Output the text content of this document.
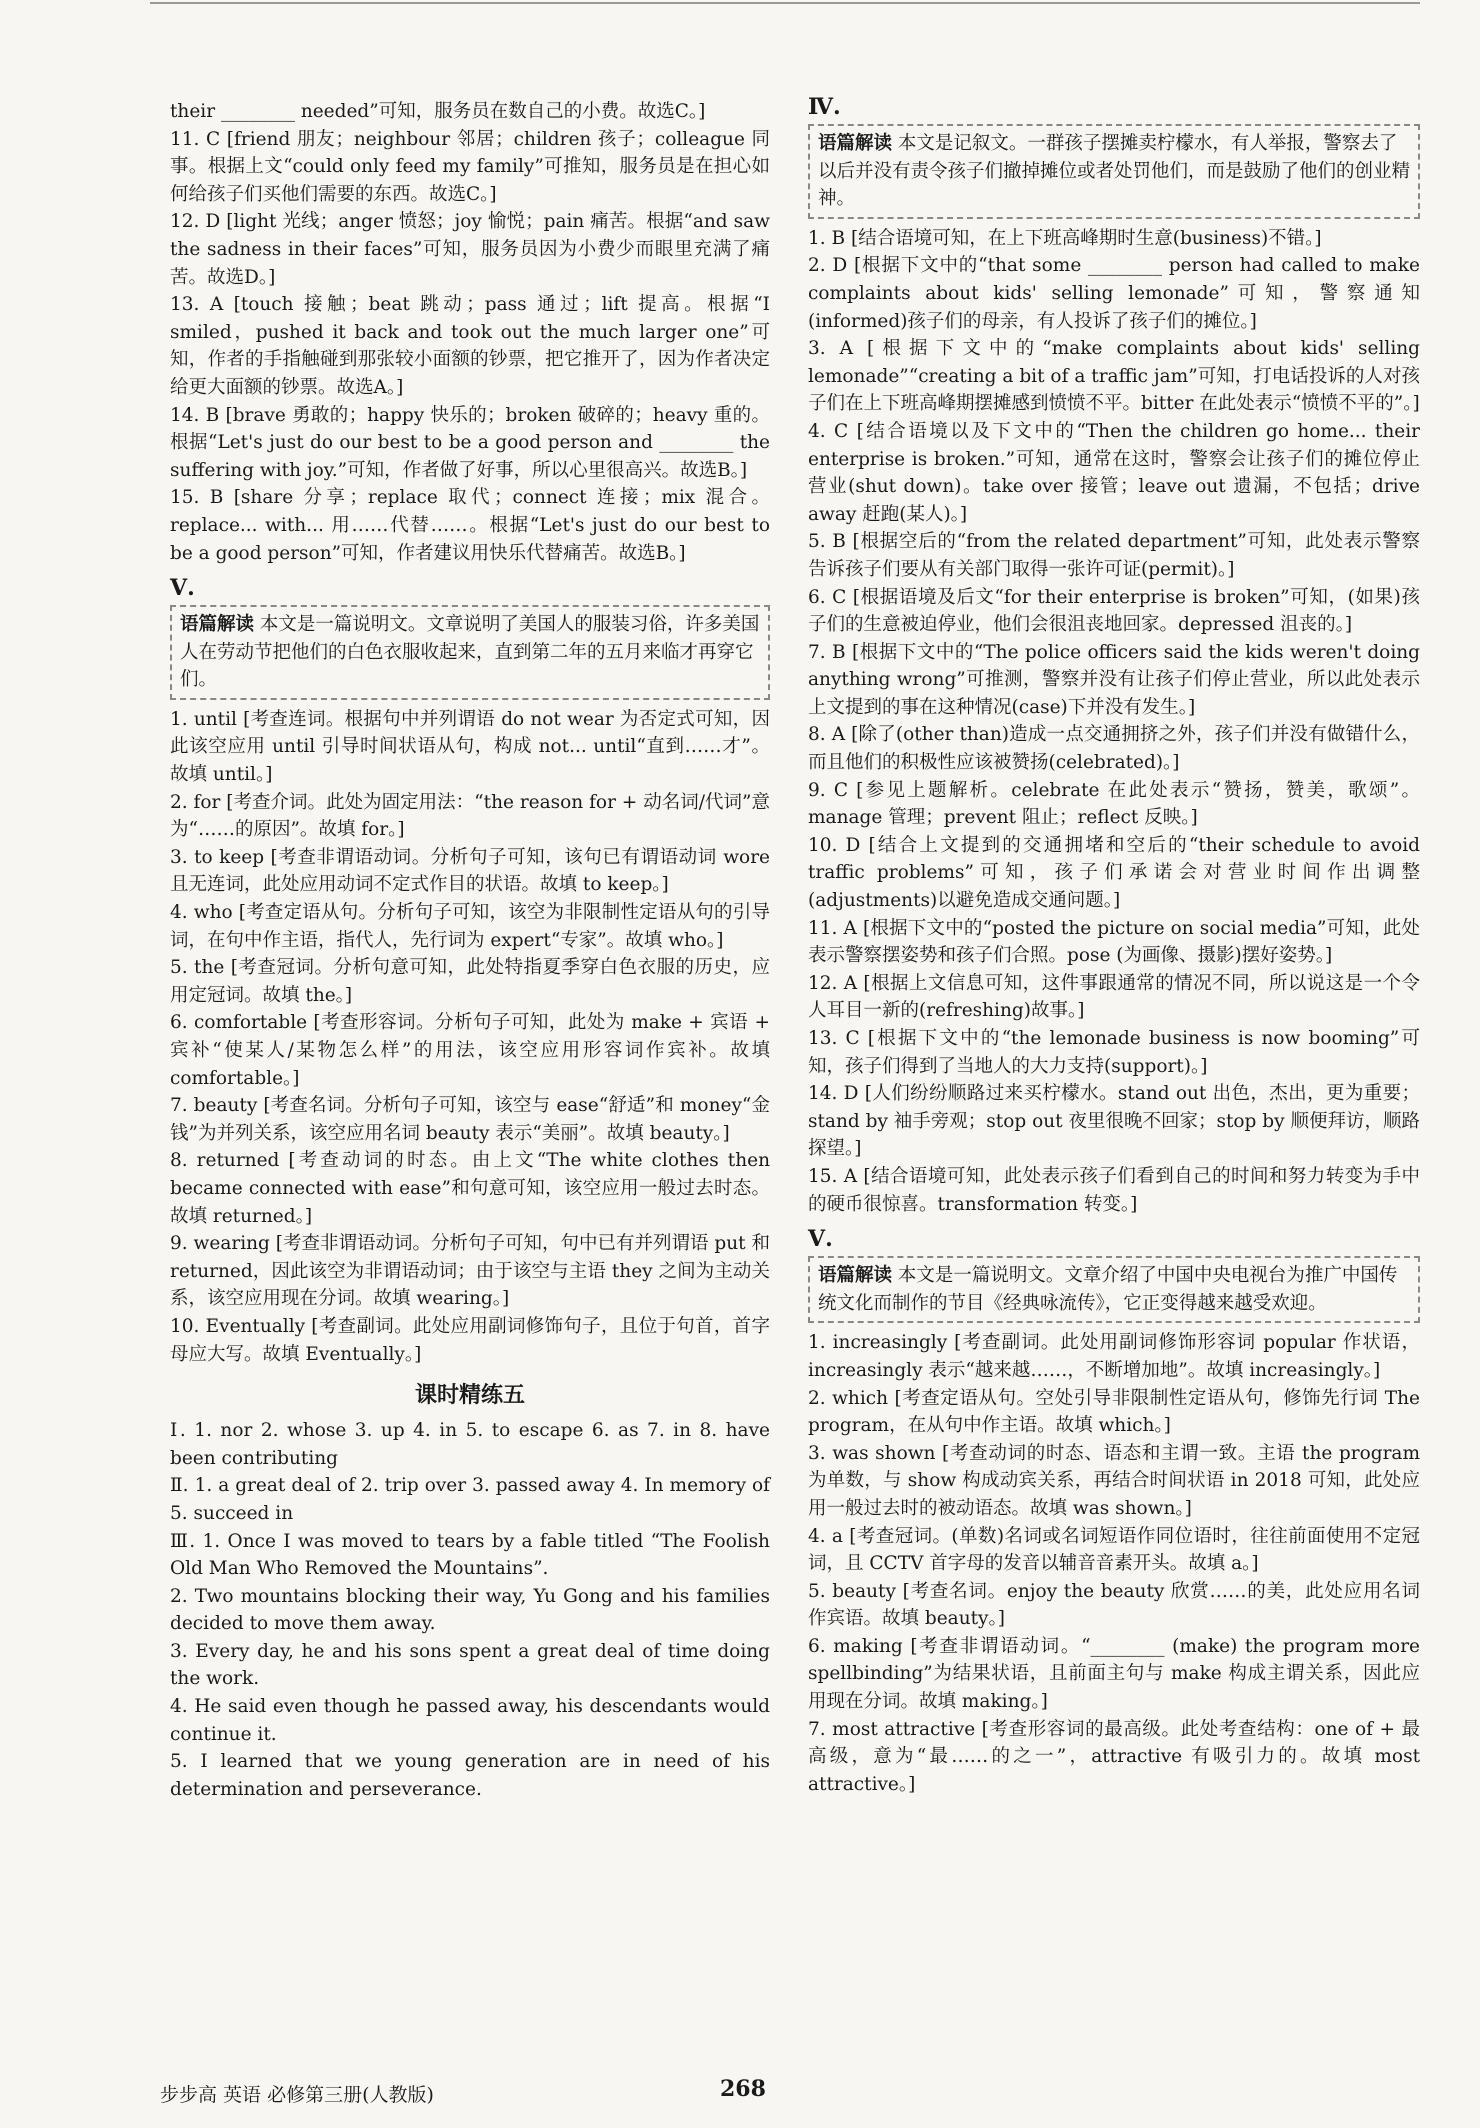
their ________ needed”可知，服务员在数自己的小费。故选C。]

11. C [friend 朋友；neighbour 邻居；children 孩子；colleague 同事。根据上文“could only feed my family”可推知，服务员是在担心如何给孩子们买他们需要的东西。故选C。]

12. D [light 光线；anger 愤怒；joy 愉悦；pain 痛苦。根据“and saw the sadness in their faces”可知，服务员因为小费少而眼里充满了痛苦。故选D。]

13. A [touch 接触；beat 跳动；pass 通过；lift 提高。根据“I smiled，pushed it back and took out the much larger one”可知，作者的手指触碰到那张较小面额的钞票，把它推开了，因为作者决定给更大面额的钞票。故选A。]

14. B [brave 勇敢的；happy 快乐的；broken 破碎的；heavy 重的。根据“Let's just do our best to be a good person and ________ the suffering with joy.”可知，作者做了好事，所以心里很高兴。故选B。]

15. B [share 分享；replace 取代；connect 连接；mix 混合。replace... with... 用……代替……。根据“Let's just do our best to be a good person”可知，作者建议用快乐代替痛苦。故选B。]

Ⅴ.
语篇解读 本文是一篇说明文。文章说明了美国人的服装习俗，许多美国人在劳动节把他们的白色衣服收起来，直到第二年的五月来临才再穿它们。

1. until [考查连词。根据句中并列谓语 do not wear 为否定式可知，因此该空应用 until 引导时间状语从句，构成 not... until“直到……才”。故填 until。]

2. for [考查介词。此处为固定用法：“the reason for + 动名词/代词”意为“……的原因”。故填 for。]

3. to keep [考查非谓语动词。分析句子可知，该句已有谓语动词 wore 且无连词，此处应用动词不定式作目的状语。故填 to keep。]

4. who [考查定语从句。分析句子可知，该空为非限制性定语从句的引导词，在句中作主语，指代人，先行词为 expert“专家”。故填 who。]

5. the [考查冠词。分析句意可知，此处特指夏季穿白色衣服的历史，应用定冠词。故填 the。]

6. comfortable [考查形容词。分析句子可知，此处为 make + 宾语 + 宾补“使某人/某物怎么样”的用法，该空应用形容词作宾补。故填 comfortable。]

7. beauty [考查名词。分析句子可知，该空与 ease“舒适”和 money“金钱”为并列关系，该空应用名词 beauty 表示“美丽”。故填 beauty。]

8. returned [考查动词的时态。由上文“The white clothes then became connected with ease”和句意可知，该空应用一般过去时态。故填 returned。]

9. wearing [考查非谓语动词。分析句子可知，句中已有并列谓语 put 和 returned，因此该空为非谓语动词；由于该空与主语 they 之间为主动关系，该空应用现在分词。故填 wearing。]

10. Eventually [考查副词。此处应用副词修饰句子，且位于句首，首字母应大写。故填 Eventually。]

课时精练五

Ⅰ. 1. nor 2. whose 3. up 4. in 5. to escape 6. as 7. in 8. have been contributing

Ⅱ. 1. a great deal of 2. trip over 3. passed away 4. In memory of 5. succeed in

Ⅲ. 1. Once I was moved to tears by a fable titled “The Foolish Old Man Who Removed the Mountains”.

2. Two mountains blocking their way, Yu Gong and his families decided to move them away.

3. Every day, he and his sons spent a great deal of time doing the work.

4. He said even though he passed away, his descendants would continue it.

5. I learned that we young generation are in need of his determination and perseverance.

Ⅳ.
语篇解读 本文是记叙文。一群孩子摆摊卖柠檬水，有人举报，警察去了以后并没有责令孩子们撤掉摊位或者处罚他们，而是鼓励了他们的创业精神。

1. B [结合语境可知，在上下班高峰期时生意(business)不错。]

2. D [根据下文中的“that some ________ person had called to make complaints about kids' selling lemonade”可知，警察通知(informed)孩子们的母亲，有人投诉了孩子们的摊位。]

3. A [根据下文中的“make complaints about kids' selling lemonade”“creating a bit of a traffic jam”可知，打电话投诉的人对孩子们在上下班高峰期摆摊感到愤愤不平。bitter 在此处表示“愤愤不平的”。]

4. C [结合语境以及下文中的“Then the children go home... their enterprise is broken.”可知，通常在这时，警察会让孩子们的摊位停止营业(shut down)。take over 接管；leave out 遗漏，不包括；drive away 赶跑(某人)。]

5. B [根据空后的“from the related department”可知，此处表示警察告诉孩子们要从有关部门取得一张许可证(permit)。]

6. C [根据语境及后文“for their enterprise is broken”可知，(如果)孩子们的生意被迫停业，他们会很沮丧地回家。depressed 沮丧的。]

7. B [根据下文中的“The police officers said the kids weren't doing anything wrong”可推测，警察并没有让孩子们停止营业，所以此处表示上文提到的事在这种情况(case)下并没有发生。]

8. A [除了(other than)造成一点交通拥挤之外，孩子们并没有做错什么，而且他们的积极性应该被赞扬(celebrated)。]

9. C [参见上题解析。celebrate 在此处表示“赞扬，赞美，歌颂”。manage 管理；prevent 阻止；reflect 反映。]

10. D [结合上文提到的交通拥堵和空后的“their schedule to avoid traffic problems”可知，孩子们承诺会对营业时间作出调整(adjustments)以避免造成交通问题。]

11. A [根据下文中的“posted the picture on social media”可知，此处表示警察摆姿势和孩子们合照。pose (为画像、摄影)摆好姿势。]

12. A [根据上文信息可知，这件事跟通常的情况不同，所以说这是一个令人耳目一新的(refreshing)故事。]

13. C [根据下文中的“the lemonade business is now booming”可知，孩子们得到了当地人的大力支持(support)。]

14. D [人们纷纷顺路过来买柠檬水。stand out 出色，杰出，更为重要；stand by 袖手旁观；stop out 夜里很晚不回家；stop by 顺便拜访，顺路探望。]

15. A [结合语境可知，此处表示孩子们看到自己的时间和努力转变为手中的硬币很惊喜。transformation 转变。]

Ⅴ.
语篇解读 本文是一篇说明文。文章介绍了中国中央电视台为推广中国传统文化而制作的节目《经典咏流传》，它正变得越来越受欢迎。

1. increasingly [考查副词。此处用副词修饰形容词 popular 作状语，increasingly 表示“越来越……，不断增加地”。故填 increasingly。]

2. which [考查定语从句。空处引导非限制性定语从句，修饰先行词 The program，在从句中作主语。故填 which。]

3. was shown [考查动词的时态、语态和主谓一致。主语 the program 为单数，与 show 构成动宾关系，再结合时间状语 in 2018 可知，此处应用一般过去时的被动语态。故填 was shown。]

4. a [考查冠词。(单数)名词或名词短语作同位语时，往往前面使用不定冠词，且 CCTV 首字母的发音以辅音音素开头。故填 a。]

5. beauty [考查名词。enjoy the beauty 欣赏……的美，此处应用名词作宾语。故填 beauty。]

6. making [考查非谓语动词。“________ (make) the program more spellbinding”为结果状语，且前面主句与 make 构成主谓关系，因此应用现在分词。故填 making。]

7. most attractive [考查形容词的最高级。此处考查结构：one of + 最高级，意为“最……的之一”，attractive 有吸引力的。故填 most attractive。]

步步高 英语 必修第三册(人教版)	268
